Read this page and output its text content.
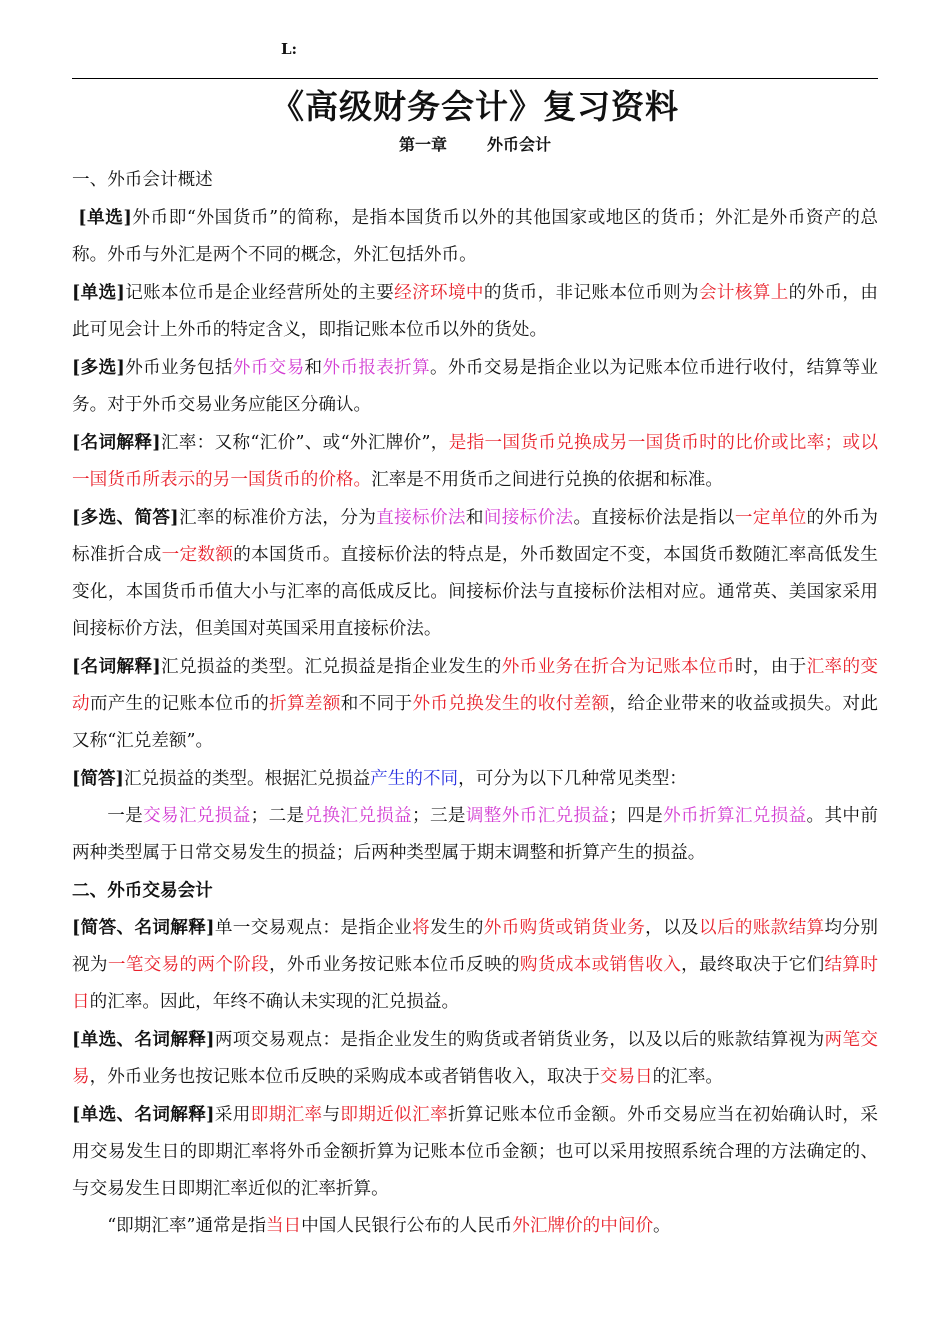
L:
《高级财务会计》复习资料
第一章	外币会计
一、外币会计概述

[单选]外币即“外国货币”的简称，是指本国货币以外的其他国家或地区的货币；外汇是外币资产的总称。外币与外汇是两个不同的概念，外汇包括外币。

[单选]记账本位币是企业经营所处的主要经济环境中的货币，非记账本位币则为会计核算上的外币，由此可见会计上外币的特定含义，即指记账本位币以外的货处。

[多选]外币业务包括外币交易和外币报表折算。外币交易是指企业以为记账本位币进行收付，结算等业务。对于外币交易业务应能区分确认。

[名词解释]汇率：又称“汇价”、或“外汇牌价”，是指一国货币兑换成另一国货币时的比价或比率；或以一国货币所表示的另一国货币的价格。汇率是不用货币之间进行兑换的依据和标准。

[多选、简答]汇率的标准价方法，分为直接标价法和间接标价法。直接标价法是指以一定单位的外币为标准折合成一定数额的本国货币。直接标价法的特点是，外币数固定不变，本国货币数随汇率高低发生变化，本国货币币值大小与汇率的高低成反比。间接标价法与直接标价法相对应。通常英、美国家采用间接标价方法，但美国对英国采用直接标价法。

[名词解释]汇兑损益的类型。汇兑损益是指企业发生的外币业务在折合为记账本位币时，由于汇率的变动而产生的记账本位币的折算差额和不同于外币兑换发生的收付差额，给企业带来的收益或损失。对此又称“汇兑差额”。

[简答]汇兑损益的类型。根据汇兑损益产生的不同，可分为以下几种常见类型：

一是交易汇兑损益；二是兑换汇兑损益；三是调整外币汇兑损益；四是外币折算汇兑损益。其中前两种类型属于日常交易发生的损益；后两种类型属于期末调整和折算产生的损益。

二、外币交易会计

[简答、名词解释]单一交易观点：是指企业将发生的外币购货或销货业务，以及以后的账款结算均分别视为一笔交易的两个阶段，外币业务按记账本位币反映的购货成本或销售收入，最终取决于它们结算时日的汇率。因此，年终不确认未实现的汇兑损益。

[单选、名词解释]两项交易观点：是指企业发生的购货或者销货业务，以及以后的账款结算视为两笔交易，外币业务也按记账本位币反映的采购成本或者销售收入，取决于交易日的汇率。

[单选、名词解释]采用即期汇率与即期近似汇率折算记账本位币金额。外币交易应当在初始确认时，采用交易发生日的即期汇率将外币金额折算为记账本位币金额；也可以采用按照系统合理的方法确定的、与交易发生日即期汇率近似的汇率折算。

“即期汇率”通常是指当日中国人民银行公布的人民币外汇牌价的中间价。
